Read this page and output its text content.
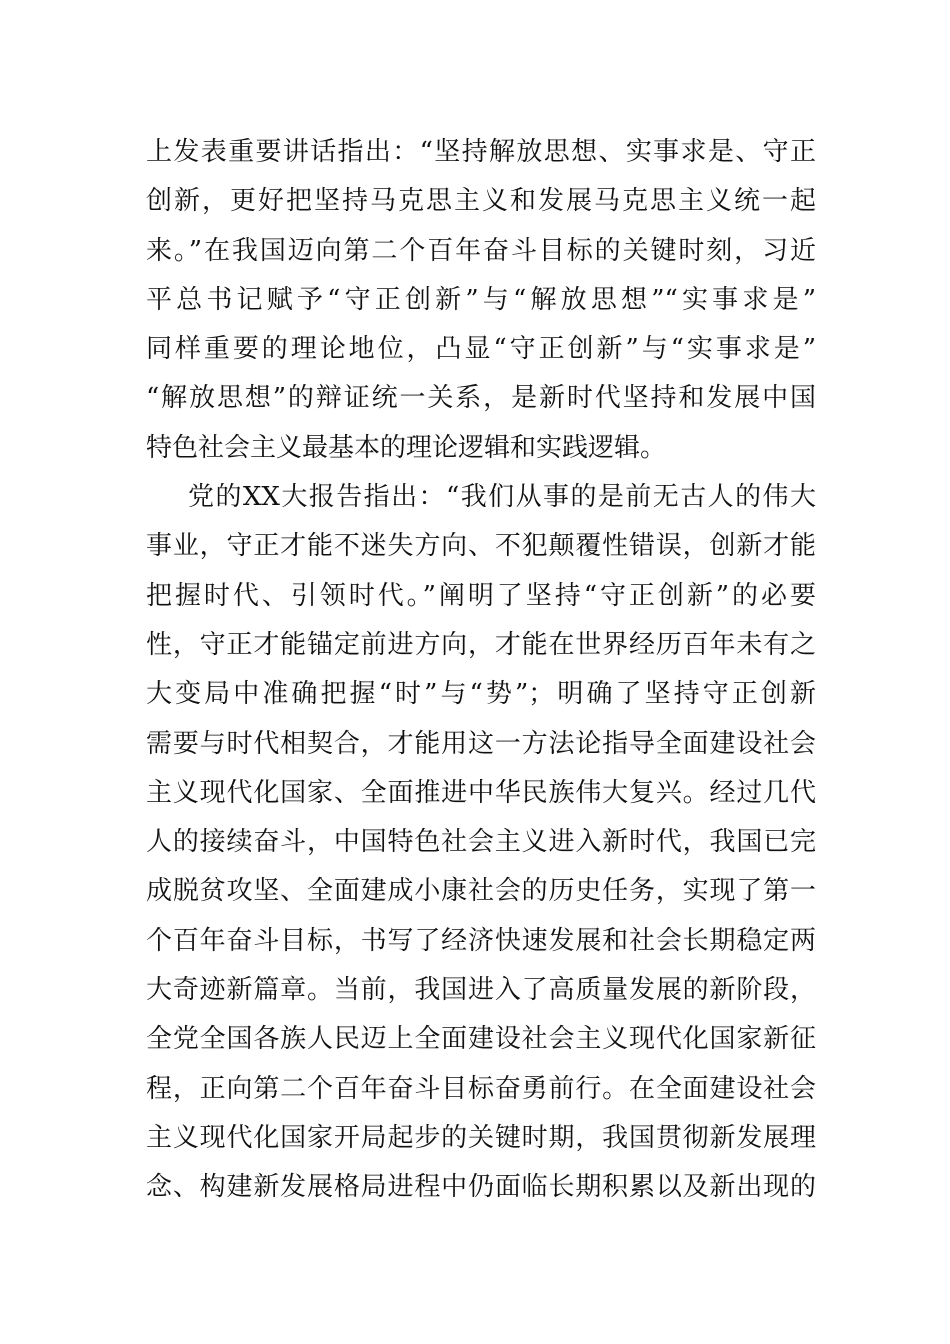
上发表重要讲话指出：“坚持解放思想、实事求是、守正
创新，更好把坚持马克思主义和发展马克思主义统一起
来。”在我国迈向第二个百年奋斗目标的关键时刻，习近
平总书记赋予“守正创新”与“解放思想”“实事求是”
同样重要的理论地位，凸显“守正创新”与“实事求是”
“解放思想”的辩证统一关系，是新时代坚持和发展中国
特色社会主义最基本的理论逻辑和实践逻辑。
党的XX大报告指出：“我们从事的是前无古人的伟大
事业，守正才能不迷失方向、不犯颠覆性错误，创新才能
把握时代、引领时代。”阐明了坚持“守正创新”的必要
性，守正才能锚定前进方向，才能在世界经历百年未有之
大变局中准确把握“时”与“势”；明确了坚持守正创新
需要与时代相契合，才能用这一方法论指导全面建设社会
主义现代化国家、全面推进中华民族伟大复兴。经过几代
人的接续奋斗，中国特色社会主义进入新时代，我国已完
成脱贫攻坚、全面建成小康社会的历史任务，实现了第一
个百年奋斗目标，书写了经济快速发展和社会长期稳定两
大奇迹新篇章。当前，我国进入了高质量发展的新阶段，
全党全国各族人民迈上全面建设社会主义现代化国家新征
程，正向第二个百年奋斗目标奋勇前行。在全面建设社会
主义现代化国家开局起步的关键时期，我国贯彻新发展理
念、构建新发展格局进程中仍面临长期积累以及新出现的
